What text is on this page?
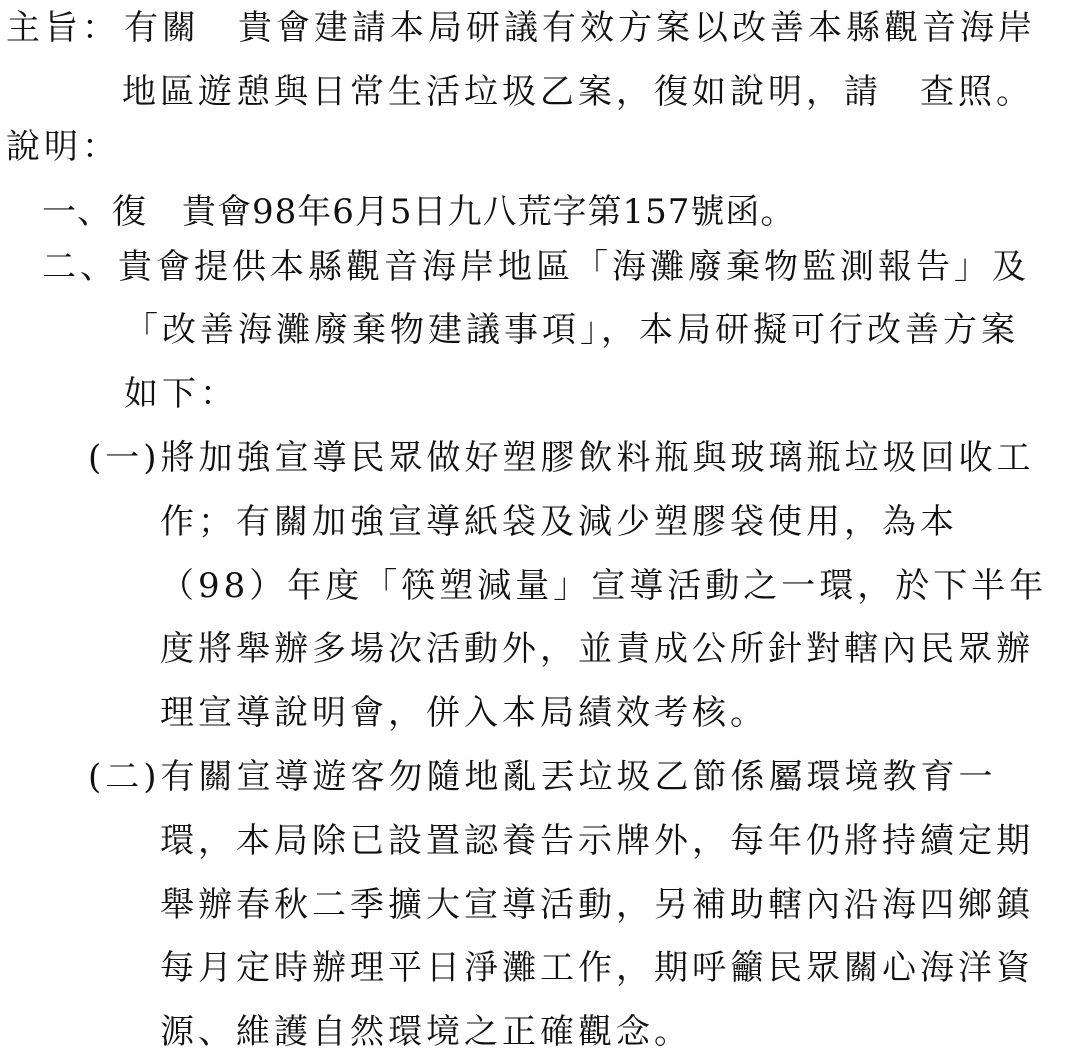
主旨： 有關　貴會建請本局研議有效方案以改善本縣觀音海岸
地區遊憩與日常生活垃圾乙案，復如說明，請　查照。
說明：
一、復　貴會98年6月5日九八荒字第157號函。
二、貴會提供本縣觀音海岸地區「海灘廢棄物監測報告」及
「改善海灘廢棄物建議事項」，本局研擬可行改善方案
如下：
(一)將加強宣導民眾做好塑膠飲料瓶與玻璃瓶垃圾回收工
作；有關加強宣導紙袋及減少塑膠袋使用，為本
（98）年度「筷塑減量」宣導活動之一環，於下半年
度將舉辦多場次活動外，並責成公所針對轄內民眾辦
理宣導說明會，併入本局績效考核。
(二)有關宣導遊客勿隨地亂丟垃圾乙節係屬環境教育一
環，本局除已設置認養告示牌外，每年仍將持續定期
舉辦春秋二季擴大宣導活動，另補助轄內沿海四鄉鎮
每月定時辦理平日淨灘工作，期呼籲民眾關心海洋資
源、維護自然環境之正確觀念。
